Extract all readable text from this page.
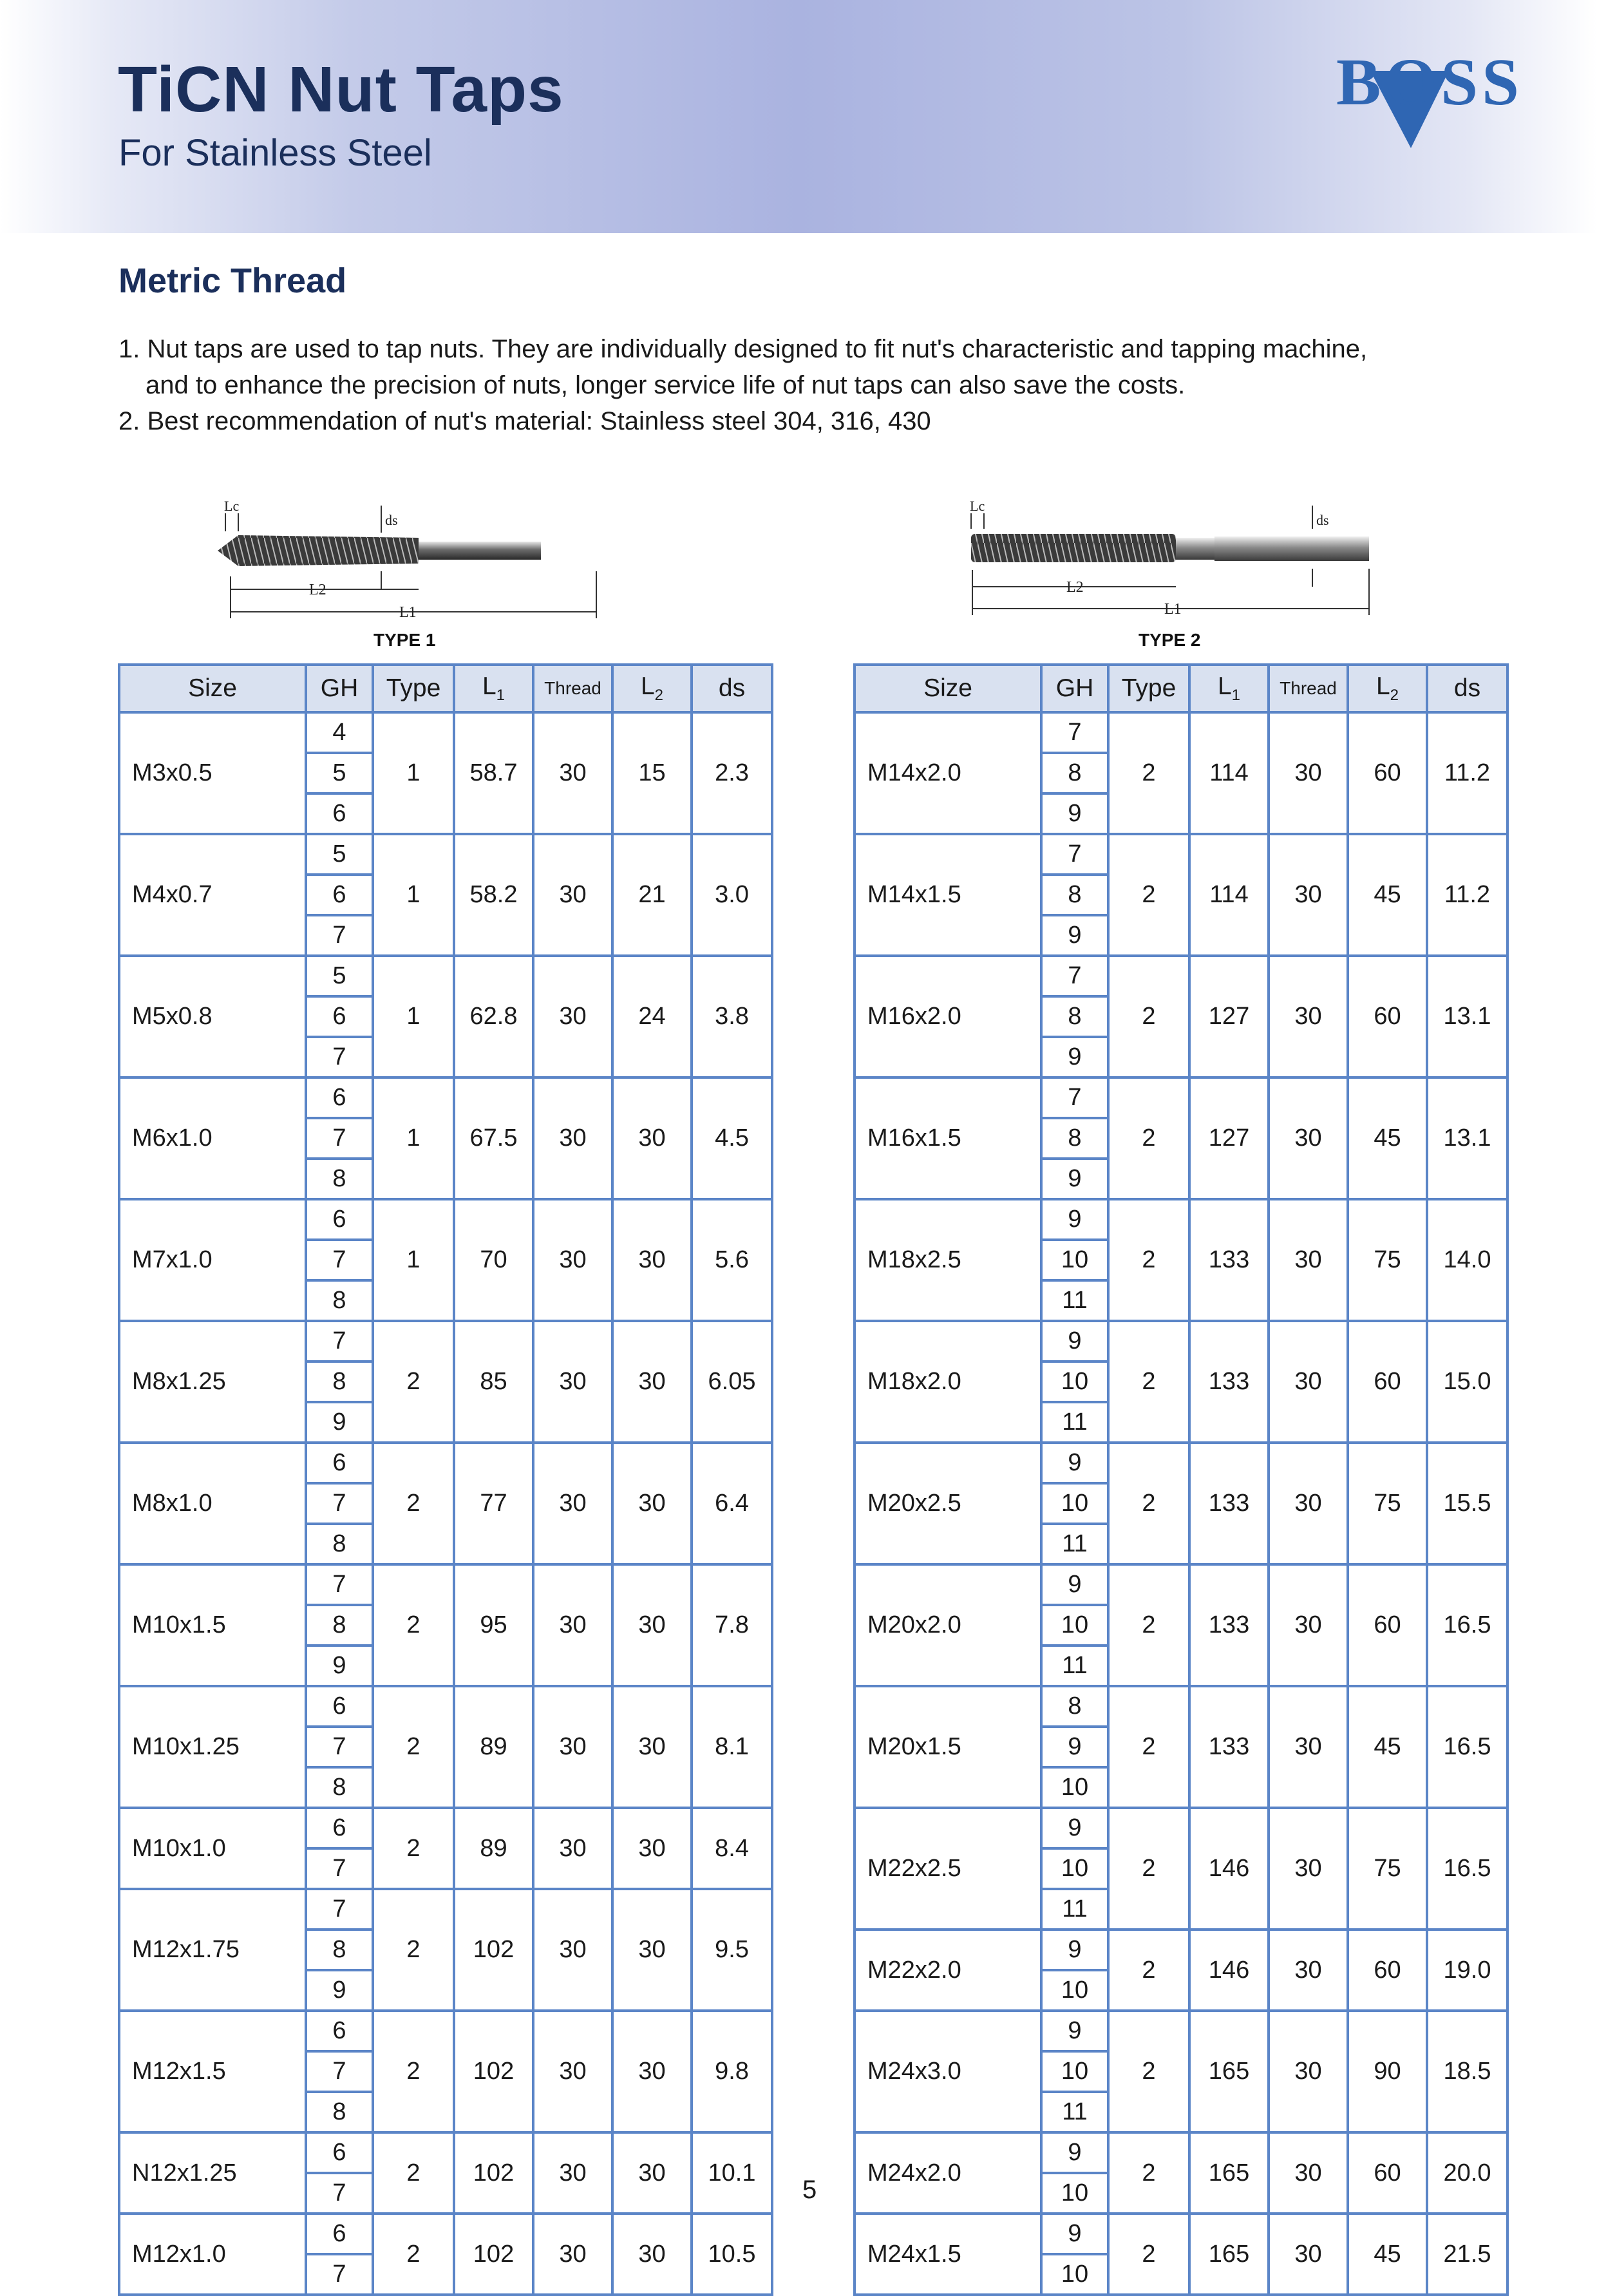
TiCN Nut Taps
For Stainless Steel
BOSS
Metric Thread
1. Nut taps are used to tap nuts. They are individually designed to fit nut's characteristic and tapping machine,
and to enhance the precision of nuts, longer service life of nut taps can also save the costs.
2. Best recommendation of nut's material: Stainless steel 304, 316, 430
Lc
ds
L2
L1
TYPE 1
Lc
ds
L2
L1
TYPE 2
Size	GH	Type	$L_1$	Thread	$L_2$	ds
M3x0.5	4	1	58.7	30	15	2.3
	5					
	6					
M4x0.7	5	1	58.2	30	21	3.0
	6					
	7					
M5x0.8	5	1	62.8	30	24	3.8
	6					
	7					
M6x1.0	6	1	67.5	30	30	4.5
	7					
	8					
M7x1.0	6	1	70	30	30	5.6
	7					
	8					
M8x1.25	7	2	85	30	30	6.05
	8					
	9					
M8x1.0	6	2	77	30	30	6.4
	7					
	8					
M10x1.5	7	2	95	30	30	7.8
	8					
	9					
M10x1.25	6	2	89	30	30	8.1
	7					
	8					
M10x1.0	6	2	89	30	30	8.4
	7					
M12x1.75	7	2	102	30	30	9.5
	8					
	9					
M12x1.5	6	2	102	30	30	9.8
	7					
	8					
N12x1.25	6	2	102	30	30	10.1
	7					
M12x1.0	6	2	102	30	30	10.5
	7					
Size	GH	Type	$L_1$	Thread	$L_2$	ds
M14x2.0	7	2	114	30	60	11.2
	8					
	9					
M14x1.5	7	2	114	30	45	11.2
	8					
	9					
M16x2.0	7	2	127	30	60	13.1
	8					
	9					
M16x1.5	7	2	127	30	45	13.1
	8					
	9					
M18x2.5	9	2	133	30	75	14.0
	10					
	11					
M18x2.0	9	2	133	30	60	15.0
	10					
	11					
M20x2.5	9	2	133	30	75	15.5
	10					
	11					
M20x2.0	9	2	133	30	60	16.5
	10					
	11					
M20x1.5	8	2	133	30	45	16.5
	9					
	10					
M22x2.5	9	2	146	30	75	16.5
	10					
	11					
M22x2.0	9	2	146	30	60	19.0
	10					
M24x3.0	9	2	165	30	90	18.5
	10					
	11					
M24x2.0	9	2	165	30	60	20.0
	10					
M24x1.5	9	2	165	30	45	21.5
	10					
5
